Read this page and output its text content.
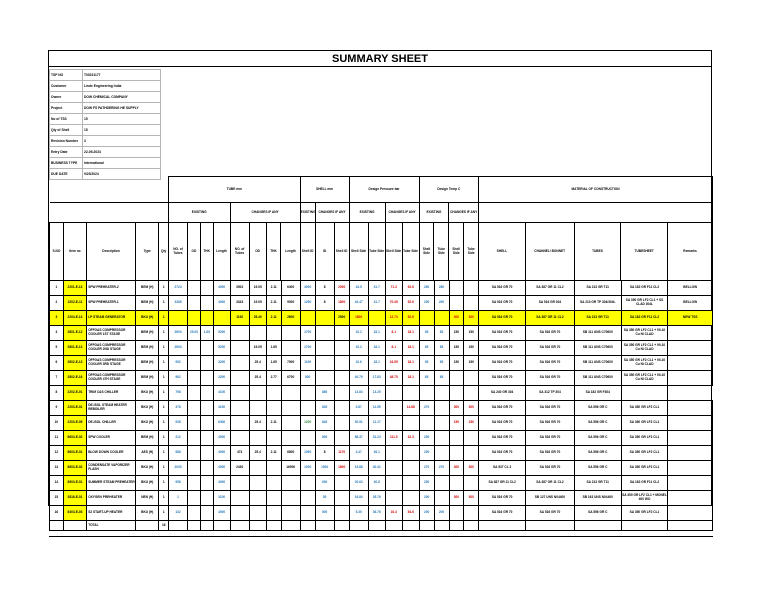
SUMMARY SHEET
TSP NO	T00231177
Customer	Linde Engineering India
Owner	DOW CHEMICAL COMPANY
Project	DOW FS PATHDERING HE SUPPLY
No of TSS	15
Qty of Shell	15
Revision Number	3
Entry Date	22-09-2024
BUSINESS TYPE	International
DUE DATE	9/23/2024
					TUBE mm								SHELL mm			Design Pressure bar				Design Temp C				MATERIAL OF CONSTRUCTION				
					EXISTING				CHANGES IF ANY				EXISTING	CHANGES IF ANY		EXISTING		CHANGES IF ANY		EXISTING		CHANGES IF ANY						
S.NO	Item no	Description	Type	Qty	NO. of Tubes	OD	THK	Length	NO. of Tubes	OD	THK	Length	Shell ID	ID	Shell ID	Shell Side	Tube Side	Shell Side	Tube Side	Shell Side	Tube Side	Shell Side	Tube Side	SHELL	CHANNEL/ BONNET	TUBES	TUBESHEET	Remarks
1	2201-E-13	SPW PREHEATER-2	BEM (H)	1	2724			4000	3502	19.05	2.11	6400	4000	8	2000	44.5	31.7	71.3	52.6	260	260			SA 516 GR 70	SA 387 GR 11 CL2	SA 213 GR T11	SA 182 GR F11 CL2	BELLOW
2	2202-E-11	SPW PREHEATER-1	BEM (H)	1	3286			4000	3343	19.05	2.11	9000	1250	8	1800	44.47	31.7	70.45	52.6	200	200			SA 516 GR 70	SA 516 GR 304	SA 213 GR TP 304/304L	SA 350 GR LF2 CL1 + SS CLAD 304L	BELLOW
3	2203-E-14	LP STEAM GENERATOR	BKU (H)	1					1192	25.40	2.11	2600			2500	1800		12.73	52.6			300	300	SA 516 GR 70	SA 387 GR 11 CL2	SA 213 GR T11	SA 182 GR F11 CL2	NEW TSS
4	2801-E-12	OFFGAS COMPRESSOR COOLER 1ST STAGE	BEM (H)	1	2694	25.00	1.65	5200					1700			10.2	18.1	8.1	18.1	65	65	150	150	SA 516 GR 70	SA 516 GR 70	SB 111 UNS C70600	SA 350 GR LF2 CL1 + 90-10 Cu Ni CLAD	
5	2801-E-13	OFFGAS COMPRESSOR COOLER 2ND STAGE	BEM (H)	1	2694			5200		19.05	1.65		1700			10.2	18.1	8.1	18.1	65	65	150	150	SA 516 GR 70	SA 516 GR 70	SB 111 UNS C70600	SA 350 GR LF2 CL1 + 90-10 Cu Ni CLAD	
6	2802-E-13	OFFGAS COMPRESSOR COOLER 3RD STAGE	BEM (H)	1	952			3200		25.4	1.65	7000	1100			10.6	18.1	16.55	18.1	65	65	150	150	SA 516 GR 70	SA 516 GR 70	SB 111 UNS C70600	SA 350 GR LF2 CL1 + 90-10 Cu Ni CLAD	
7	2802-E-16	OFFGAS COMPRESSOR COOLER 4TH STAGE	BEM (H)	1	962			3200		25.4	2.77	6700	800			40.79	17.83	48.75	18.1	65	65			SA 516 GR 70	SA 516 GR 70	SB 111 UNS C70600	SA 350 GR LF2 CL1 + 90-10 Cu Ni CLAD	
8	2202-E-01	TRIM C&S CHILLER	BKU (H)	1	798			4100						880		14.84	13.25							SA 240 GR 304	SA 312 TP 304	SA 182 GR F304		
9	2203-E-01	DE-ISOL STEAM HEATER REBOILER	BKU (H)	1	378			4100						840		3.87	11.55		14.88	270		300	300	SA 516 GR 70	SA 516 GR 70	SA 556 GR C	SA 350 GR LF2 CL1	
10	2203-E-05	DE-ISOL CHILLER	BKU (H)	1	538			6300		25.4	2.11		1200	840		30.91	11.17					150	150	SA 516 GR 70	SA 516 GR 70	SA 556 GR C	SA 350 GR LF2 CL1	
11	8603-E-02	SPW COOLER	BEM (H)	1	212			4000						800		88.37	31.23	111.5	32.3	200				SA 516 GR 70	SA 516 GR 70	SA 556 GR C	SA 350 GR LF2 CL1	
12	8603-E-01	BLOW DOWN COOLER	AES (H)	1	588			4000	474	25.4	2.11	6800	1050	8	1170	4.47	26.1			200				SA 516 GR 70	SA 516 GR 70	SA 556 GR C	SA 350 GR LF2 CL1	
13	8603-E-02	CONDENSATE VAPORIZER FLASH	BKU (H)	1	2030			4000	2430			16900	1000	1500	1800	15.88	40.41			270	270	300	300	SA 537 CL 2	SA 516 GR 70	SA 556 GR C	SA 350 GR LF2 CL1	
14	8903-E-01	SUMMER STEAM PREHEATER	BKU (H)	1	958			4000						600		20.63	40.8			250				SA 387 GR 11 CL2	SA 387 GR 11 CL2	SA 213 GR T11	SA 182 GR F11 CL2	
15	2816-E-01	OXYGEN PREHEATER	NEN (H)	1	1			3100						50		16.84	35.76			200		300	300	SA 516 GR 70	SB 127 UNS N04400	SB 163 UNS N04400	SA 350 GR LF2 CL1 + MONEL 400 WO	
16	8403-E-03	S2 START-UP HEATER	BKU (H)	1	132			4000						500		5.30	36.76	16.3	54.6	200	200			SA 516 GR 70	SA 516 GR 70	SA 556 GR C	SA 350 GR LF2 CL1	
		TOTAL		16																								
